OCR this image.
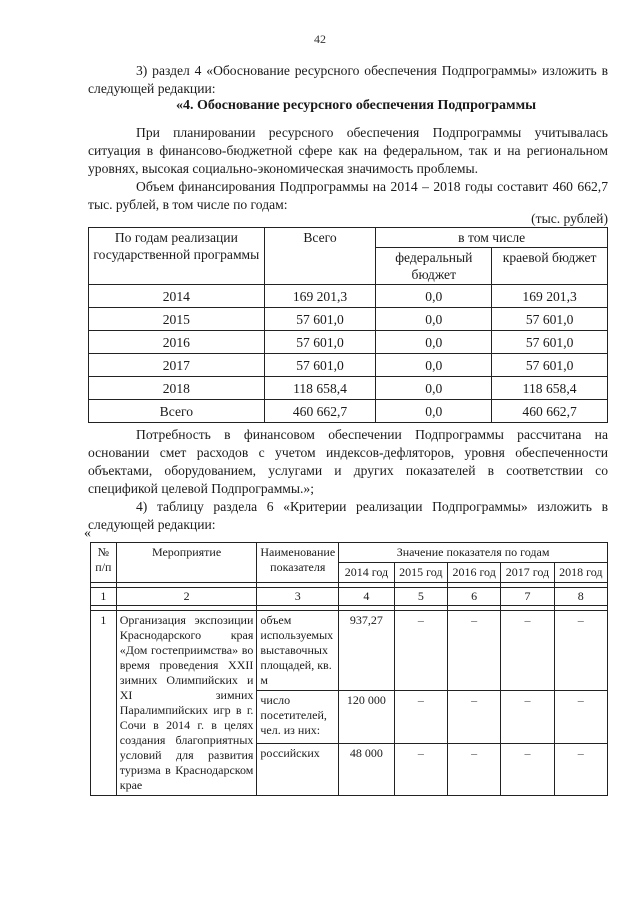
42

3) раздел 4 «Обоснование ресурсного обеспечения Подпрограммы» изложить в следующей редакции:

«4. Обоснование ресурсного обеспечения Подпрограммы

При планировании ресурсного обеспечения Подпрограммы учитывалась ситуация в финансово-бюджетной сфере как на федеральном, так и на региональном уровнях, высокая социально-экономическая значимость проблемы.

Объем финансирования Подпрограммы на 2014 – 2018 годы составит 460 662,7 тыс. рублей, в том числе по годам:

(тыс. рублей)
По годам реализации государственной программы	Всего	в том числе	
		федеральный бюджет	краевой бюджет
2014	169 201,3	0,0	169 201,3
2015	57 601,0	0,0	57 601,0
2016	57 601,0	0,0	57 601,0
2017	57 601,0	0,0	57 601,0
2018	118 658,4	0,0	118 658,4
Всего	460 662,7	0,0	460 662,7

Потребность в финансовом обеспечении Подпрограммы рассчитана на основании смет расходов с учетом индексов-дефляторов, уровня обеспеченности объектами, оборудованием, услугами и других показателей в соответствии со спецификой целевой Подпрограммы.»;

4) таблицу раздела 6 «Критерии реализации Подпрограммы» изложить в следующей редакции:

«
№ п/п	Мероприятие	Наименование показателя	Значение показателя по годам				
			2014 год	2015 год	2016 год	2017 год	2018 год

1	2	3	4	5	6	7	8

1	Организация экспозиции Краснодарского края «Дом гостеприимства» во время проведения XXII зимних Олимпийских и XI зимних Паралимпийских игр в г. Сочи в 2014 г. в целях создания благоприятных условий для развития туризма в Краснодарском крае	объем используемых выставочных площадей, кв. м	937,27	–	–	–	–
		число посетителей, чел. из них:	120 000	–	–	–	–
		российских	48 000	–	–	–	–
